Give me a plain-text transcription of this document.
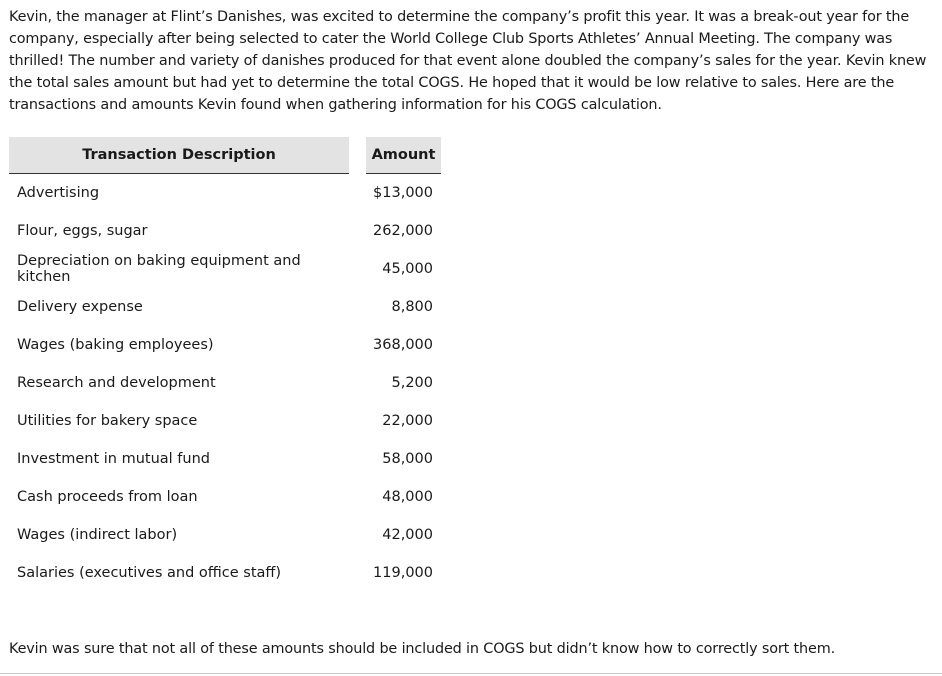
Kevin, the manager at Flint’s Danishes, was excited to determine the company’s profit this year. It was a break-out year for the company, especially after being selected to cater the World College Club Sports Athletes’ Annual Meeting. The company was thrilled! The number and variety of danishes produced for that event alone doubled the company’s sales for the year. Kevin knew the total sales amount but had yet to determine the total COGS. He hoped that it would be low relative to sales. Here are the transactions and amounts Kevin found when gathering information for his COGS calculation.

Transaction Description		Amount
Advertising		$13,000
Flour, eggs, sugar		262,000
Depreciation on baking equipment and kitchen		45,000
Delivery expense		8,800
Wages (baking employees)		368,000
Research and development		5,200
Utilities for bakery space		22,000
Investment in mutual fund		58,000
Cash proceeds from loan		48,000
Wages (indirect labor)		42,000
Salaries (executives and office staff)		119,000

Kevin was sure that not all of these amounts should be included in COGS but didn’t know how to correctly sort them.
